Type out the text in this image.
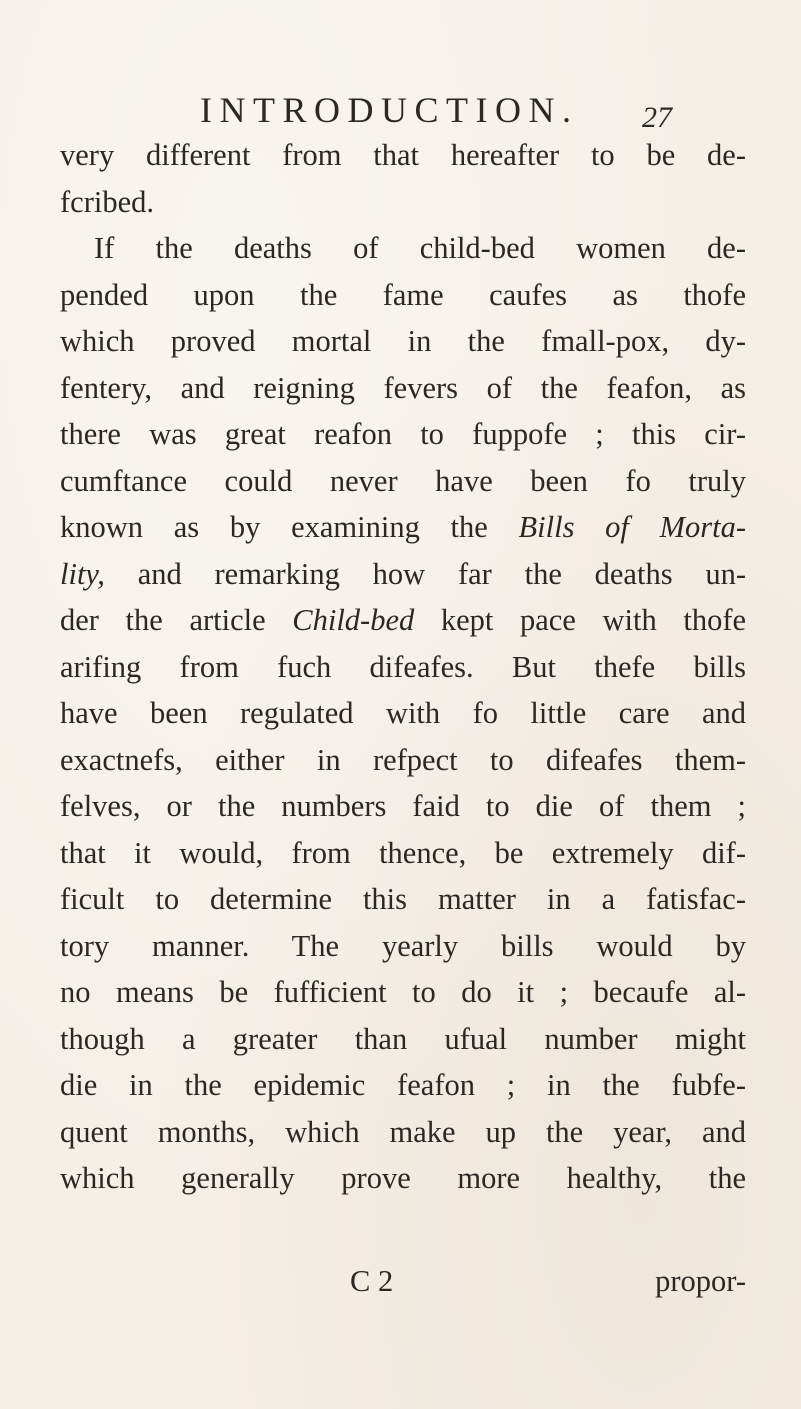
INTRODUCTION. 27
very different from that hereafter to be de-
fcribed.
If the deaths of child-bed women de-
pended upon the fame caufes as thofe
which proved mortal in the fmall-pox, dy-
fentery, and reigning fevers of the feafon, as
there was great reafon to fuppofe ; this cir-
cumftance could never have been fo truly
known as by examining the Bills of Morta-
lity, and remarking how far the deaths un-
der the article Child-bed kept pace with thofe
arifing from fuch difeafes. But thefe bills
have been regulated with fo little care and
exactnefs, either in refpect to difeafes them-
felves, or the numbers faid to die of them ;
that it would, from thence, be extremely dif-
ficult to determine this matter in a fatisfac-
tory manner. The yearly bills would by
no means be fufficient to do it ; becaufe al-
though a greater than ufual number might
die in the epidemic feafon ; in the fubfe-
quent months, which make up the year, and
which generally prove more healthy, the
C 2	propor-
